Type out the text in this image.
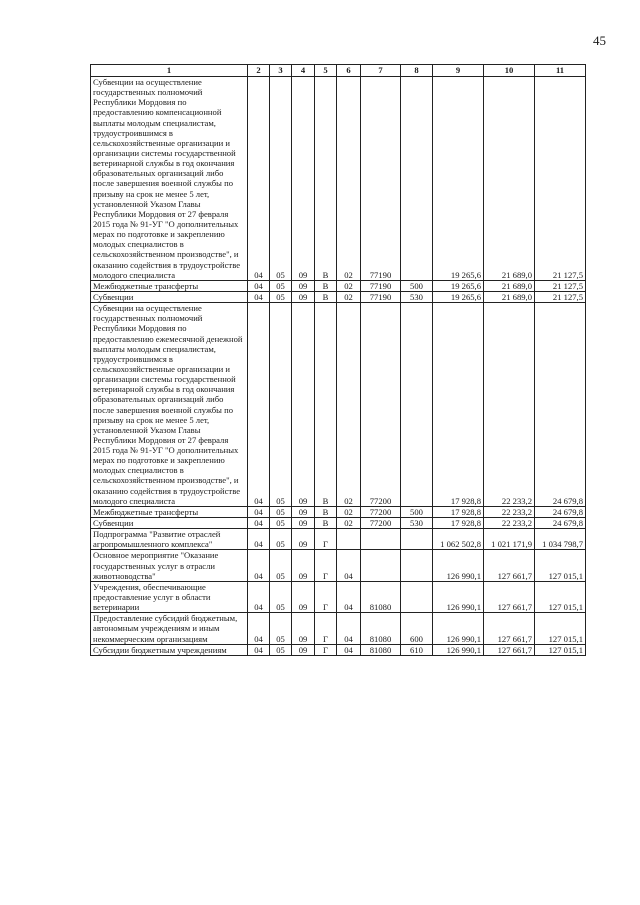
45
1	2	3	4	5	6	7	8	9	10	11
Субвенции на осуществление государственных полномочий Республики Мордовия по предоставлению компенсационной выплаты молодым специалистам, трудоустроившимся в сельскохозяйственные организации и организации системы государственной ветеринарной службы в год окончания образовательных организаций либо после завершения военной службы по призыву на срок не менее 5 лет, установленной Указом Главы Республики Мордовия от 27 февраля 2015 года № 91-УГ "О дополнительных мерах по подготовке и закреплению молодых специалистов в сельскохозяйственном производстве", и оказанию содействия в трудоустройстве молодого специалиста	04	05	09	В	02	77190		19 265,6	21 689,0	21 127,5
Межбюджетные трансферты	04	05	09	В	02	77190	500	19 265,6	21 689,0	21 127,5
Субвенции	04	05	09	В	02	77190	530	19 265,6	21 689,0	21 127,5
Субвенции на осуществление государственных полномочий Республики Мордовия по предоставлению ежемесячной денежной выплаты молодым специалистам, трудоустроившимся в сельскохозяйственные организации и организации системы государственной ветеринарной службы в год окончания образовательных организаций либо после завершения военной службы по призыву на срок не менее 5 лет, установленной Указом Главы Республики Мордовия от 27 февраля 2015 года № 91-УГ "О дополнительных мерах по подготовке и закреплению молодых специалистов в сельскохозяйственном производстве", и оказанию содействия в трудоустройстве молодого специалиста	04	05	09	В	02	77200		17 928,8	22 233,2	24 679,8
Межбюджетные трансферты	04	05	09	В	02	77200	500	17 928,8	22 233,2	24 679,8
Субвенции	04	05	09	В	02	77200	530	17 928,8	22 233,2	24 679,8
Подпрограмма "Развитие отраслей агропромышленного комплекса"	04	05	09	Г				1 062 502,8	1 021 171,9	1 034 798,7
Основное мероприятие "Оказание государственных услуг в отрасли животноводства"	04	05	09	Г	04			126 990,1	127 661,7	127 015,1
Учреждения, обеспечивающие предоставление услуг в области ветеринарии	04	05	09	Г	04	81080		126 990,1	127 661,7	127 015,1
Предоставление субсидий бюджетным, автономным учреждениям и иным некоммерческим организациям	04	05	09	Г	04	81080	600	126 990,1	127 661,7	127 015,1
Субсидии бюджетным учреждениям	04	05	09	Г	04	81080	610	126 990,1	127 661,7	127 015,1
